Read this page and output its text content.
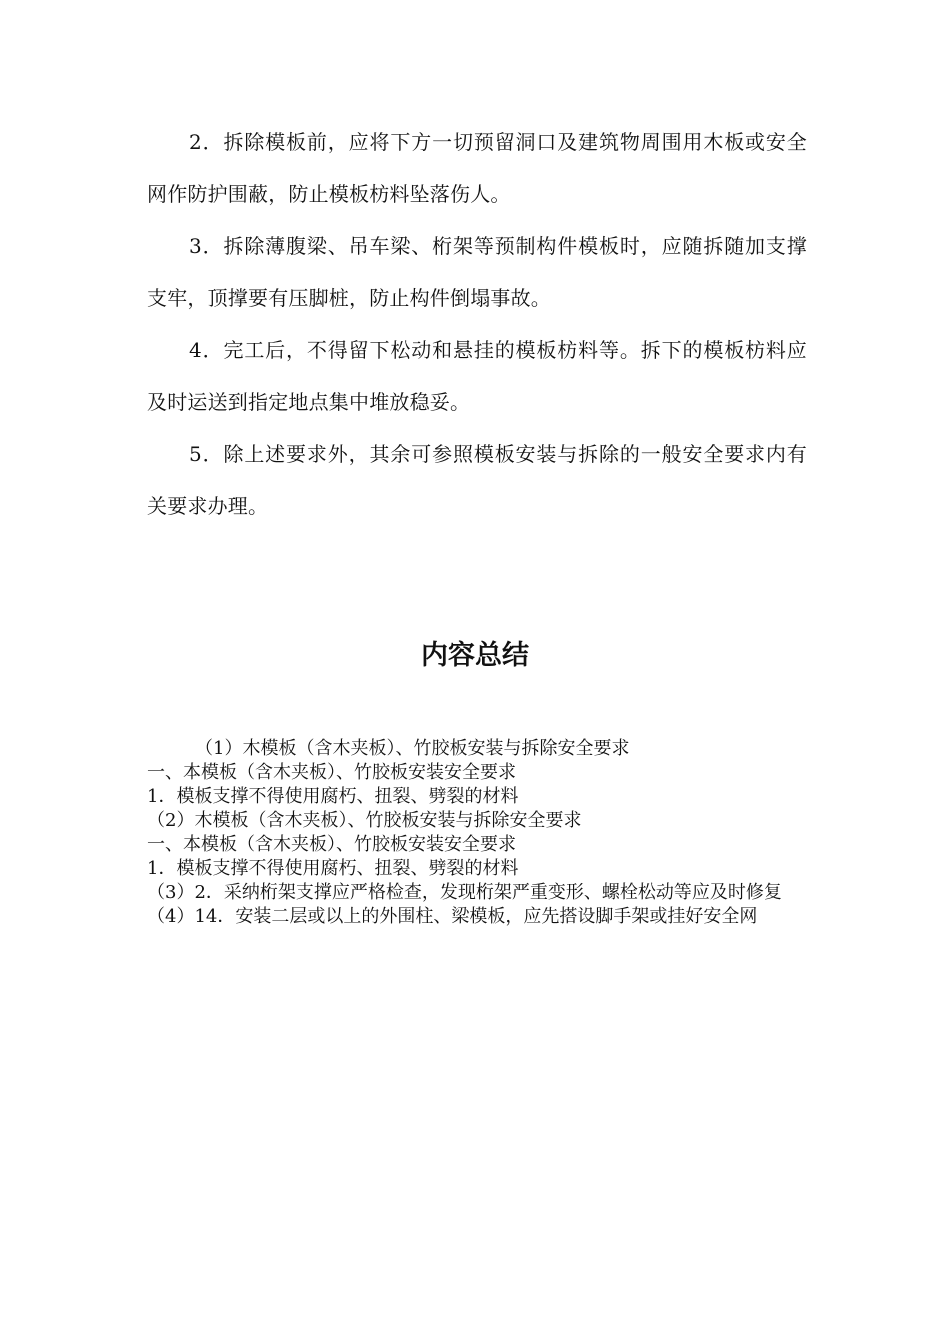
2．拆除模板前，应将下方一切预留洞口及建筑物周围用木板或安全网作防护围蔽，防止模板枋料坠落伤人。

3．拆除薄腹梁、吊车梁、桁架等预制构件模板时，应随拆随加支撑支牢，顶撑要有压脚桩，防止构件倒塌事故。

4．完工后，不得留下松动和悬挂的模板枋料等。拆下的模板枋料应及时运送到指定地点集中堆放稳妥。

5．除上述要求外，其余可参照模板安装与拆除的一般安全要求内有关要求办理。

内容总结

（1）木模板（含木夹板）、竹胶板安装与拆除安全要求

一、本模板（含木夹板）、竹胶板安装安全要求

1．模板支撑不得使用腐朽、扭裂、劈裂的材料

（2）木模板（含木夹板）、竹胶板安装与拆除安全要求

一、本模板（含木夹板）、竹胶板安装安全要求

1．模板支撑不得使用腐朽、扭裂、劈裂的材料

（3）2．采纳桁架支撑应严格检查，发现桁架严重变形、螺栓松动等应及时修复

（4）14．安装二层或以上的外围柱、梁模板，应先搭设脚手架或挂好安全网
